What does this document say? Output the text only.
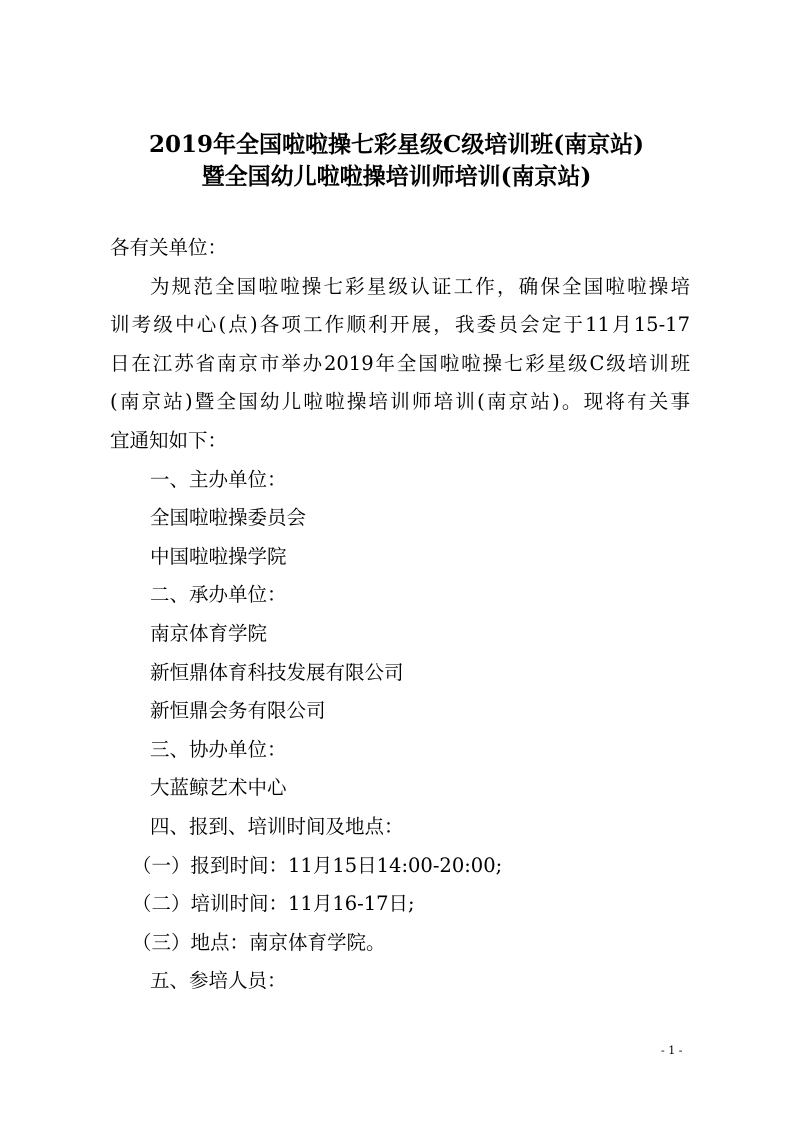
2019年全国啦啦操七彩星级C级培训班(南京站)
暨全国幼儿啦啦操培训师培训(南京站)
各有关单位：
为规范全国啦啦操七彩星级认证工作，确保全国啦啦操培
训考级中心(点)各项工作顺利开展，我委员会定于11月15-17
日在江苏省南京市举办2019年全国啦啦操七彩星级C级培训班
(南京站)暨全国幼儿啦啦操培训师培训(南京站)。现将有关事
宜通知如下：
一、主办单位：
全国啦啦操委员会
中国啦啦操学院
二、承办单位：
南京体育学院
新恒鼎体育科技发展有限公司
新恒鼎会务有限公司
三、协办单位：
大蓝鲸艺术中心
四、报到、培训时间及地点：
（一）报到时间：11月15日14:00-20:00;
（二）培训时间：11月16-17日;
（三）地点：南京体育学院。
五、参培人员：
- 1 -
